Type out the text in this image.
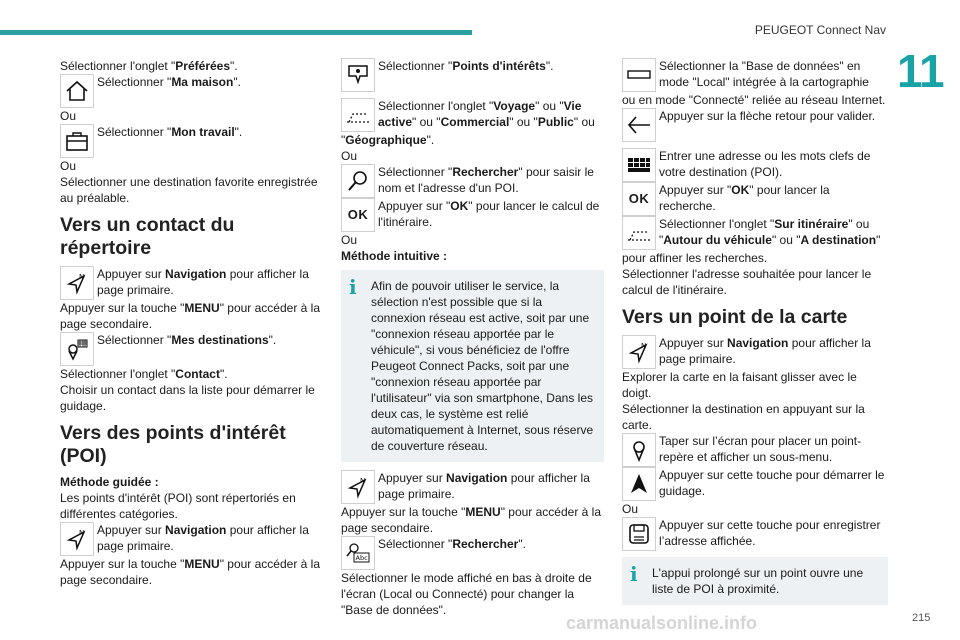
PEUGEOT Connect Nav
11
carmanualsonline.info	215

Sélectionner l'onglet "Préférées".

Sélectionner "Ma maison".

Ou

Sélectionner "Mon travail".

Ou

Sélectionner une destination favorite enregistrée au préalable.

Vers un contact du répertoire
N Appuyer sur Navigation pour afficher la page primaire.

Appuyer sur la touche "MENU" pour accéder à la page secondaire.

Sélectionner "Mes destinations".

Sélectionner l'onglet "Contact".

Choisir un contact dans la liste pour démarrer le guidage.

Vers des points d'intérêt (POI)

Méthode guidée :

Les points d'intérêt (POI) sont répertoriés en différentes catégories.

N Appuyer sur Navigation pour afficher la page primaire.

Appuyer sur la touche "MENU" pour accéder à la page secondaire.

Sélectionner "Points d'intérêts".
Sélectionner l'onglet "Voyage" ou "Vie active" ou "Commercial" ou "Public" ou

"Géographique".

Ou

Sélectionner "Rechercher" pour saisir le nom et l'adresse d'un POI.
OK
Appuyer sur "OK" pour lancer le calcul de l'itinéraire.

Ou

Méthode intuitive :

i	Afin de pouvoir utiliser le service, la sélection n'est possible que si la connexion réseau est active, soit par une "connexion réseau apportée par le véhicule", si vous bénéficiez de l'offre Peugeot Connect Packs, soit par une "connexion réseau apportée par l'utilisateur" via son smartphone, Dans les deux cas, le système est relié automatiquement à Internet, sous réserve de couverture réseau.
N Appuyer sur Navigation pour afficher la page primaire.

Appuyer sur la touche "MENU" pour accéder à la page secondaire.

Abc
Sélectionner "Rechercher".

Sélectionner le mode affiché en bas à droite de l'écran (Local ou Connecté) pour changer la "Base de données".

Sélectionner la "Base de données" en mode "Local" intégrée à la cartographie

ou en mode "Connecté" reliée au réseau Internet.

Appuyer sur la flèche retour pour valider.
Entrer une adresse ou les mots clefs de votre destination (POI).
OK
Appuyer sur "OK" pour lancer la recherche.
Sélectionner l'onglet "Sur itinéraire" ou
"Autour du véhicule" ou "A destination"

pour affiner les recherches.

Sélectionner l'adresse souhaitée pour lancer le calcul de l'itinéraire.

Vers un point de la carte
N Appuyer sur Navigation pour afficher la page primaire.

Explorer la carte en la faisant glisser avec le doigt.

Sélectionner la destination en appuyant sur la carte.

Taper sur l’écran pour placer un point-repère et afficher un sous-menu.
Appuyer sur cette touche pour démarrer le guidage.

Ou

Appuyer sur cette touche pour enregistrer l’adresse affichée.
i	L'appui prolongé sur un point ouvre une liste de POI à proximité.
